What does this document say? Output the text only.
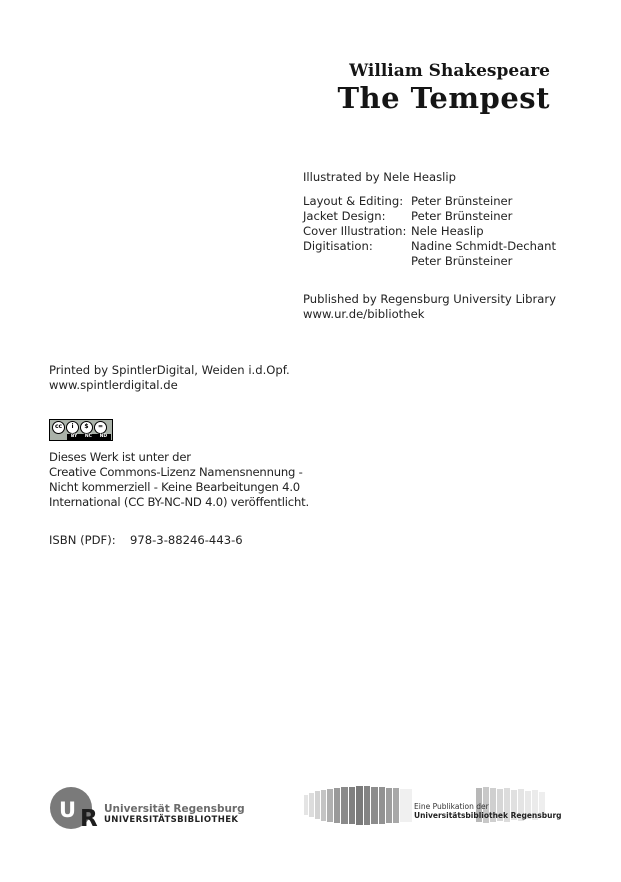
William Shakespeare
The Tempest
Illustrated by Nele Heaslip
Layout & Editing: Peter Brünsteiner
Jacket Design:	Peter Brünsteiner
Cover Illustration: Nele Heaslip
Digitisation:	Nadine Schmidt-Dechant
Peter Brünsteiner
Published by Regensburg University Library
www.ur.de/bibliothek
Printed by SpintlerDigital, Weiden i.d.Opf.
www.spintlerdigital.de
cc	i	$	=
BY NC ND
Dieses Werk ist unter der
Creative Commons-Lizenz Namensnennung -
Nicht kommerziell - Keine Bearbeitungen 4.0
International (CC BY-NC-ND 4.0) veröffentlicht.
ISBN (PDF):	978-3-88246-443-6
U R Universität Regensburg
UNIVERSITÄTSBIBLIOTHEK
Eine Publikation der
Universitätsbibliothek Regensburg
